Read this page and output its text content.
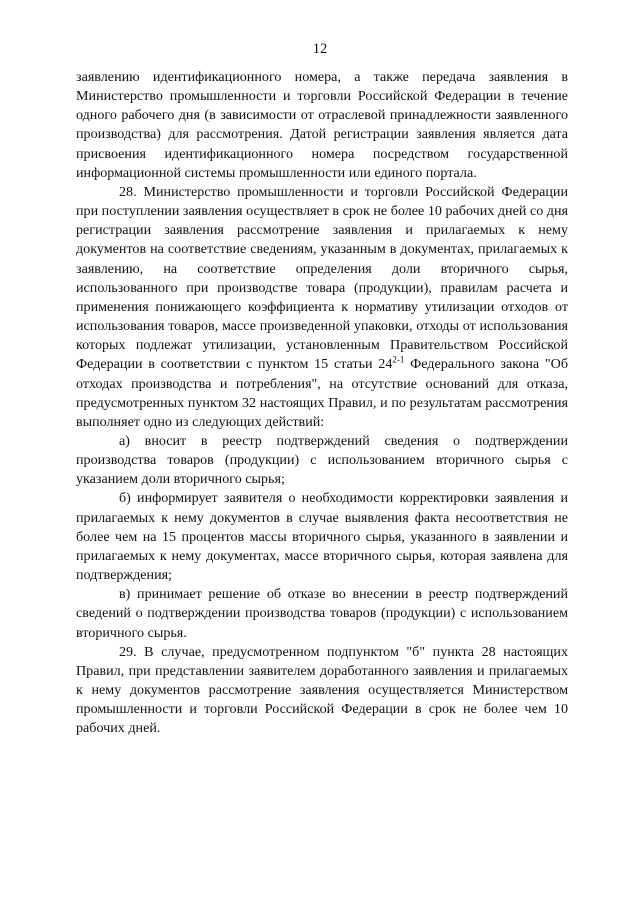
12

заявлению идентификационного номера, а также передача заявления в Министерство промышленности и торговли Российской Федерации в течение одного рабочего дня (в зависимости от отраслевой принадлежности заявленного производства) для рассмотрения. Датой регистрации заявления является дата присвоения идентификационного номера посредством государственной информационной системы промышленности или единого портала.

28. Министерство промышленности и торговли Российской Федерации при поступлении заявления осуществляет в срок не более 10 рабочих дней со дня регистрации заявления рассмотрение заявления и прилагаемых к нему документов на соответствие сведениям, указанным в документах, прилагаемых к заявлению, на соответствие определения доли вторичного сырья, использованного при производстве товара (продукции), правилам расчета и применения понижающего коэффициента к нормативу утилизации отходов от использования товаров, массе произведенной упаковки, отходы от использования которых подлежат утилизации, установленным Правительством Российской Федерации в соответствии с пунктом 15 статьи 24$^{2-1}$ Федерального закона "Об отходах производства и потребления", на отсутствие оснований для отказа, предусмотренных пунктом 32 настоящих Правил, и по результатам рассмотрения выполняет одно из следующих действий:

а) вносит в реестр подтверждений сведения о подтверждении производства товаров (продукции) с использованием вторичного сырья с указанием доли вторичного сырья;

б) информирует заявителя о необходимости корректировки заявления и прилагаемых к нему документов в случае выявления факта несоответствия не более чем на 15 процентов массы вторичного сырья, указанного в заявлении и прилагаемых к нему документах, массе вторичного сырья, которая заявлена для подтверждения;

в) принимает решение об отказе во внесении в реестр подтверждений сведений о подтверждении производства товаров (продукции) с использованием вторичного сырья.

29. В случае, предусмотренном подпунктом "б" пункта 28 настоящих Правил, при представлении заявителем доработанного заявления и прилагаемых к нему документов рассмотрение заявления осуществляется Министерством промышленности и торговли Российской Федерации в срок не более чем 10 рабочих дней.
